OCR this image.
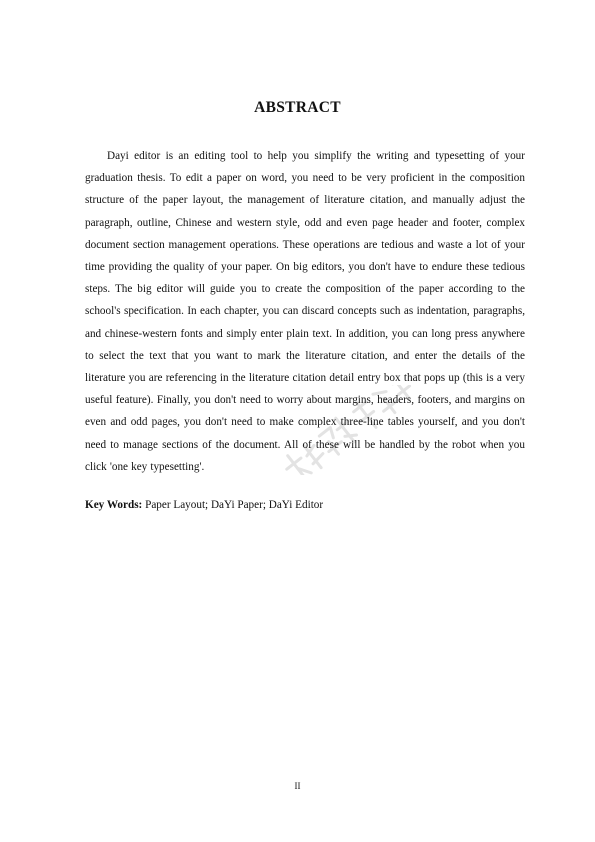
ABSTRACT

Dayi editor is an editing tool to help you simplify the writing and typesetting of your graduation thesis. To edit a paper on word, you need to be very proficient in the composition structure of the paper layout, the management of literature citation, and manually adjust the paragraph, outline, Chinese and western style, odd and even page header and footer, complex document section management operations. These operations are tedious and waste a lot of your time providing the quality of your paper. On big editors, you don't have to endure these tedious steps. The big editor will guide you to create the composition of the paper according to the school's specification. In each chapter, you can discard concepts such as indentation, paragraphs, and chinese-western fonts and simply enter plain text. In addition, you can long press anywhere to select the text that you want to mark the literature citation, and enter the details of the literature you are referencing in the literature citation detail entry box that pops up (this is a very useful feature). Finally, you don't need to worry about margins, headers, footers, and margins on even and odd pages, you don't need to make complex three-line tables yourself, and you don't need to manage sections of the document. All of these will be handled by the robot when you click 'one key typesetting'.

Key Words: Paper Layout; DaYi Paper; DaYi Editor
II
